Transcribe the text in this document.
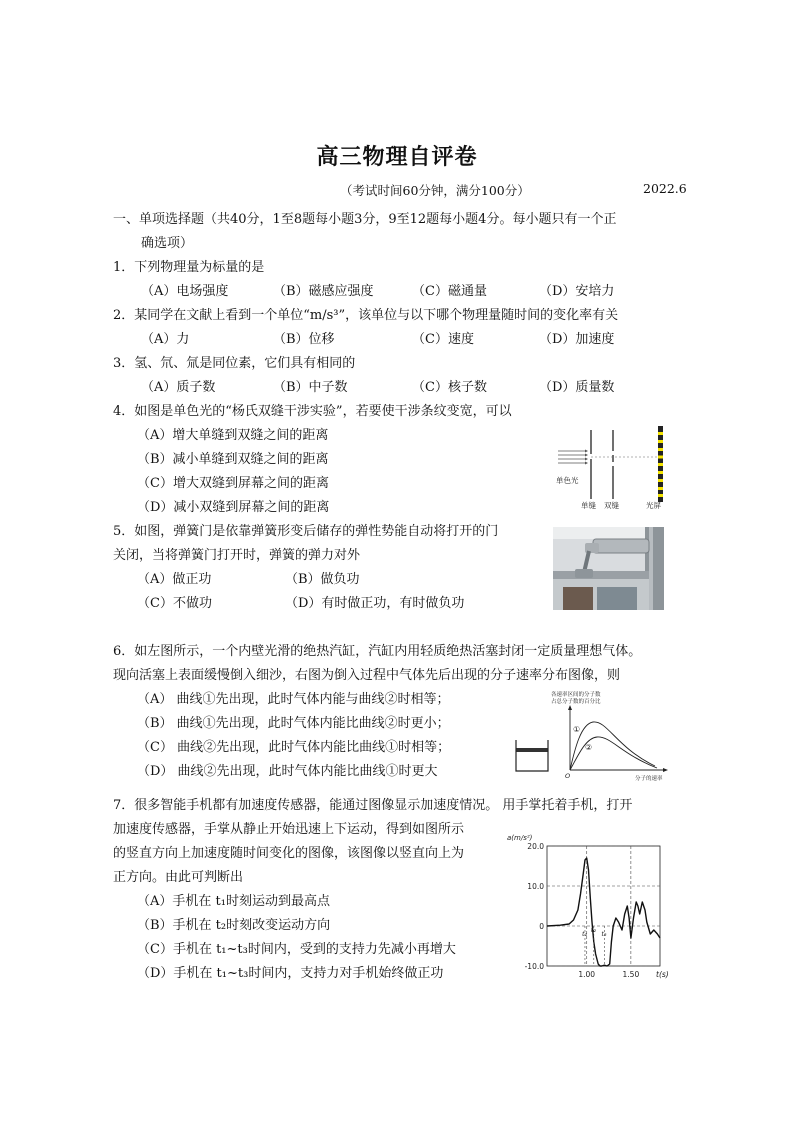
高三物理自评卷
（考试时间60分钟，满分100分）	2022.6
一、单项选择题（共40分，1至8题每小题3分，9至12题每小题4分。每小题只有一个正
确选项）
1．下列物理量为标量的是
（A）电场强度	（B）磁感应强度	（C）磁通量	（D）安培力
2．某同学在文献上看到一个单位“m/s³”，该单位与以下哪个物理量随时间的变化率有关
（A）力	（B）位移	（C）速度	（D）加速度
3．氢、氘、氚是同位素，它们具有相同的
（A）质子数	（B）中子数	（C）核子数	（D）质量数
4．如图是单色光的“杨氏双缝干涉实验”，若要使干涉条纹变宽，可以
（A）增大单缝到双缝之间的距离
（B）减小单缝到双缝之间的距离
（C）增大双缝到屏幕之间的距离
（D）减小双缝到屏幕之间的距离
单色光
单缝 双缝	光屏
5．如图，弹簧门是依靠弹簧形变后储存的弹性势能自动将打开的门
关闭，当将弹簧门打开时，弹簧的弹力对外
（A）做正功	（B）做负功
（C）不做功	（D）有时做正功，有时做负功
6．如左图所示，一个内壁光滑的绝热汽缸，汽缸内用轻质绝热活塞封闭一定质量理想气体。
现向活塞上表面缓慢倒入细沙，右图为倒入过程中气体先后出现的分子速率分布图像，则
（A） 曲线①先出现，此时气体内能与曲线②时相等；
（B） 曲线①先出现，此时气体内能比曲线②时更小；
（C） 曲线②先出现，此时气体内能比曲线①时相等；
（D） 曲线②先出现，此时气体内能比曲线①时更大
各速率区间的分子数
占总分子数的百分比
O	分子的速率
①
②
7．很多智能手机都有加速度传感器，能通过图像显示加速度情况。 用手掌托着手机，打开
加速度传感器，手掌从静止开始迅速上下运动，得到如图所示
的竖直方向上加速度随时间变化的图像，该图像以竖直向上为
正方向。由此可判断出
（A）手机在 t₁时刻运动到最高点
（B）手机在 t₂时刻改变运动方向
（C）手机在 t₁~t₃时间内，受到的支持力先减小再增大
（D）手机在 t₁~t₃时间内，支持力对手机始终做正功
20.0
10.0
0
-10.0
1.00	1.50
a(m/s²)
t(s)
t₁ t₂ t₃
